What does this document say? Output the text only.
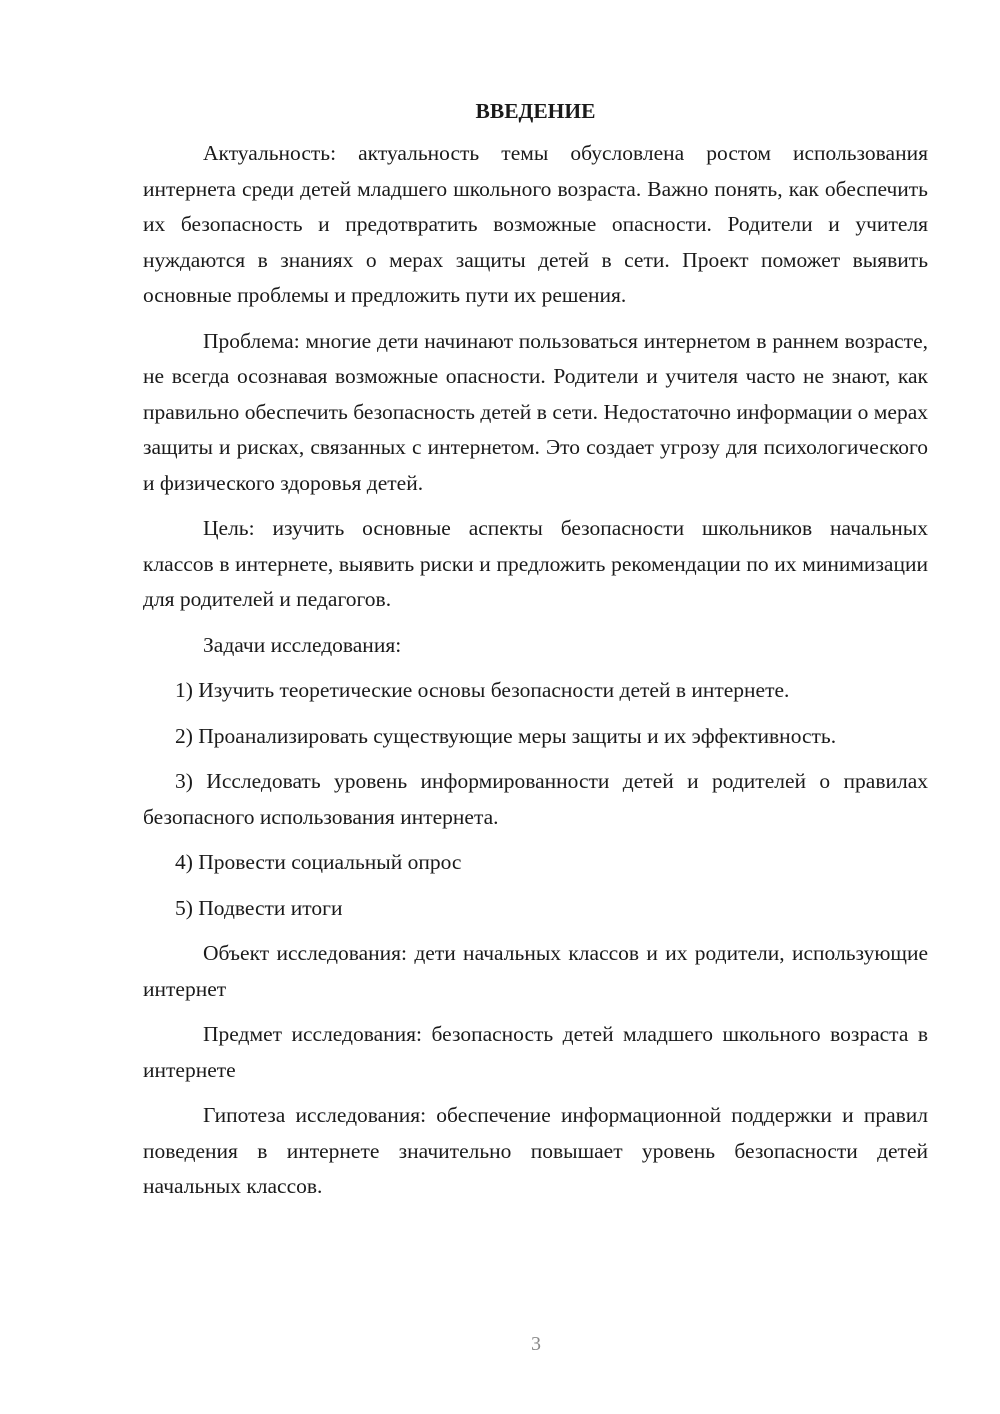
ВВЕДЕНИЕ

Актуальность: актуальность темы обусловлена ростом использования интернета среди детей младшего школьного возраста. Важно понять, как обеспечить их безопасность и предотвратить возможные опасности. Родители и учителя нуждаются в знаниях о мерах защиты детей в сети. Проект поможет выявить основные проблемы и предложить пути их решения.

Проблема: многие дети начинают пользоваться интернетом в раннем возрасте, не всегда осознавая возможные опасности. Родители и учителя часто не знают, как правильно обеспечить безопасность детей в сети. Недостаточно информации о мерах защиты и рисках, связанных с интернетом. Это создает угрозу для психологического и физического здоровья детей.

Цель: изучить основные аспекты безопасности школьников начальных классов в интернете, выявить риски и предложить рекомендации по их минимизации для родителей и педагогов.

Задачи исследования:

1) Изучить теоретические основы безопасности детей в интернете.

2) Проанализировать существующие меры защиты и их эффективность.

3) Исследовать уровень информированности детей и родителей о правилах безопасного использования интернета.

4) Провести социальный опрос

5) Подвести итоги

Объект исследования: дети начальных классов и их родители, использующие интернет

Предмет исследования: безопасность детей младшего школьного возраста в интернете

Гипотеза исследования: обеспечение информационной поддержки и правил поведения в интернете значительно повышает уровень безопасности детей начальных классов.

3
